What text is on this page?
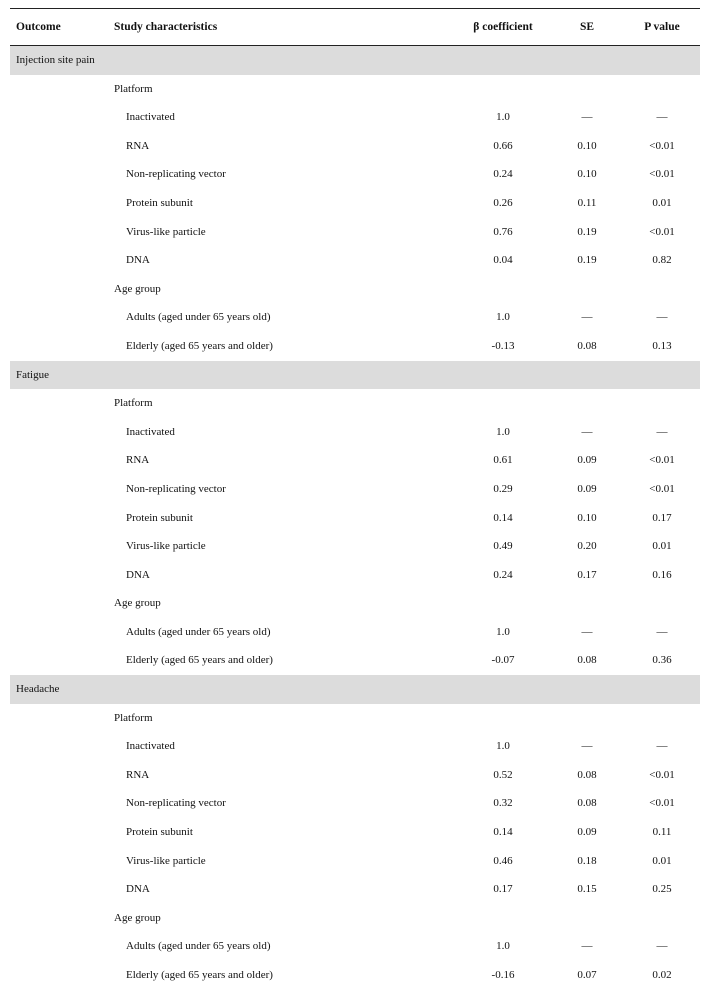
Outcome	Study characteristics	β coefficient	SE	P value
Injection site pain
Platform
Inactivated	1.0	—	—
RNA	0.66	0.10	<0.01
Non-replicating vector	0.24	0.10	<0.01
Protein subunit	0.26	0.11	0.01
Virus-like particle	0.76	0.19	<0.01
DNA	0.04	0.19	0.82
Age group
Adults (aged under 65 years old)	1.0	—	—
Elderly (aged 65 years and older)	-0.13	0.08	0.13
Fatigue
Platform
Inactivated	1.0	—	—
RNA	0.61	0.09	<0.01
Non-replicating vector	0.29	0.09	<0.01
Protein subunit	0.14	0.10	0.17
Virus-like particle	0.49	0.20	0.01
DNA	0.24	0.17	0.16
Age group
Adults (aged under 65 years old)	1.0	—	—
Elderly (aged 65 years and older)	-0.07	0.08	0.36
Headache
Platform
Inactivated	1.0	—	—
RNA	0.52	0.08	<0.01
Non-replicating vector	0.32	0.08	<0.01
Protein subunit	0.14	0.09	0.11
Virus-like particle	0.46	0.18	0.01
DNA	0.17	0.15	0.25
Age group
Adults (aged under 65 years old)	1.0	—	—
Elderly (aged 65 years and older)	-0.16	0.07	0.02
